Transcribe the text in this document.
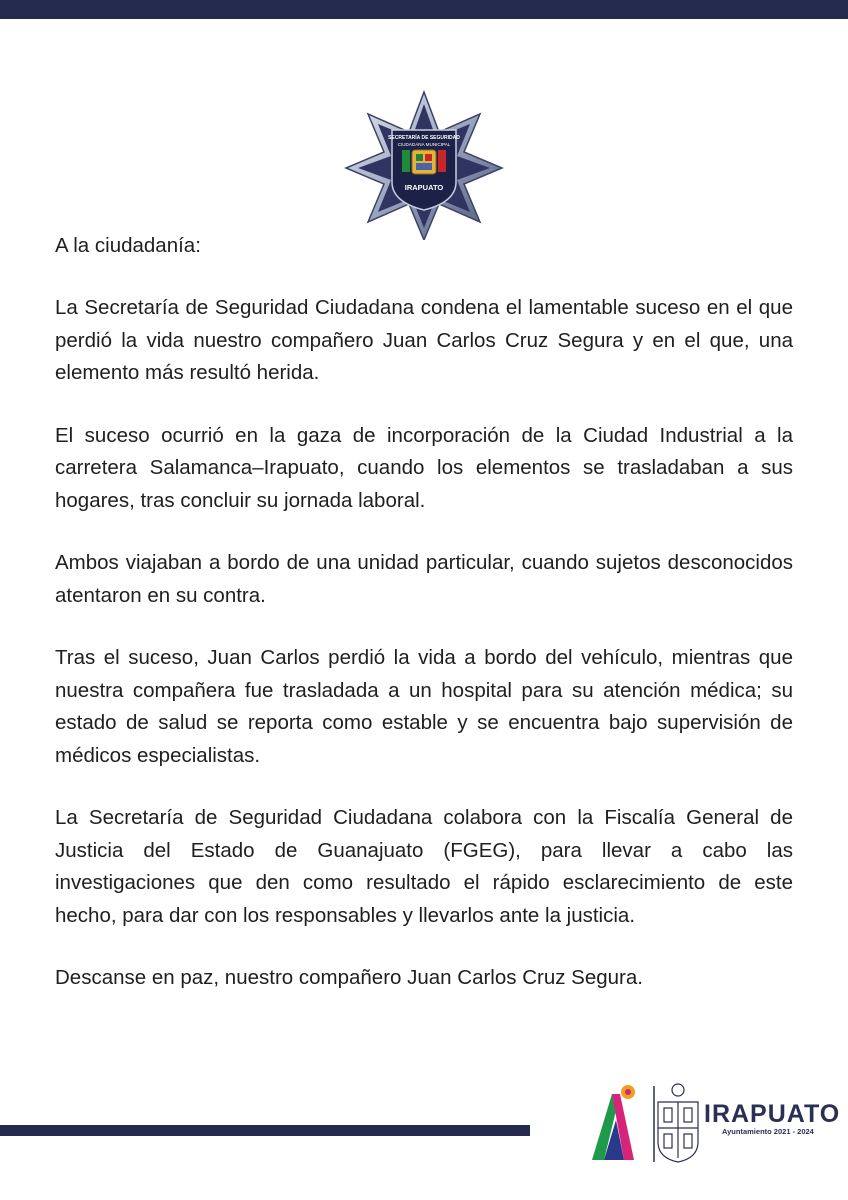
SECRETARÍA DE SEGURIDAD
CIUDADANA MUNICIPAL
IRAPUATO

A la ciudadanía:

La Secretaría de Seguridad Ciudadana condena el lamentable suceso en el que perdió la vida nuestro compañero Juan Carlos Cruz Segura y en el que, una elemento más resultó herida.

El suceso ocurrió en la gaza de incorporación de la Ciudad Industrial a la carretera Salamanca–Irapuato, cuando los elementos se trasladaban a sus hogares, tras concluir su jornada laboral.

Ambos viajaban a bordo de una unidad particular, cuando sujetos desconocidos atentaron en su contra.

Tras el suceso, Juan Carlos perdió la vida a bordo del vehículo, mientras que nuestra compañera fue trasladada a un hospital para su atención médica; su estado de salud se reporta como estable y se encuentra bajo supervisión de médicos especialistas.

La Secretaría de Seguridad Ciudadana colabora con la Fiscalía General de Justicia del Estado de Guanajuato (FGEG), para llevar a cabo las investigaciones que den como resultado el rápido esclarecimiento de este hecho, para dar con los responsables y llevarlos ante la justicia.

Descanse en paz, nuestro compañero Juan Carlos Cruz Segura.

IRAPUATO
Ayuntamiento 2021 - 2024
